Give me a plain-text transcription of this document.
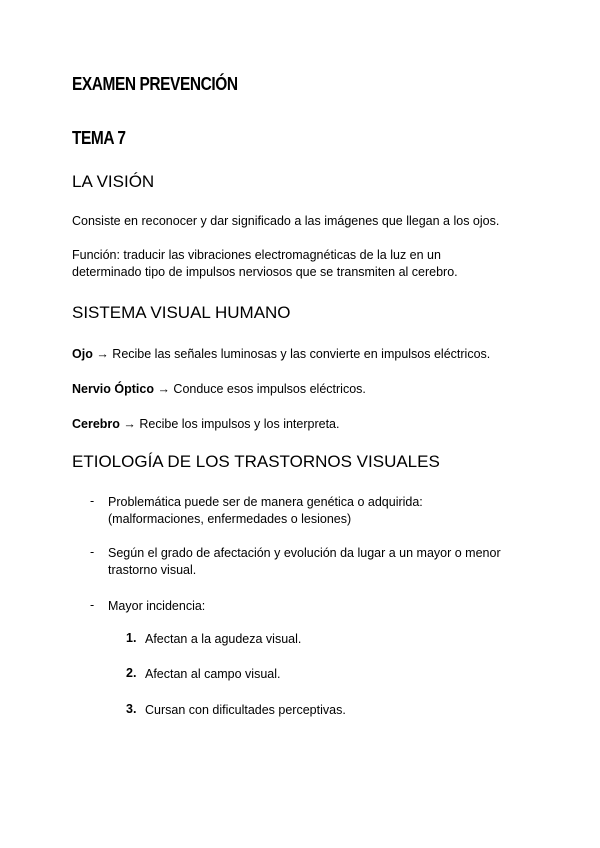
EXAMEN PREVENCIÓN
TEMA 7
LA VISIÓN
Consiste en reconocer y dar significado a las imágenes que llegan a los ojos.
Función: traducir las vibraciones electromagnéticas de la luz en un
determinado tipo de impulsos nerviosos que se transmiten al cerebro.
SISTEMA VISUAL HUMANO
Ojo → Recibe las señales luminosas y las convierte en impulsos eléctricos.
Nervio Óptico → Conduce esos impulsos eléctricos.
Cerebro → Recibe los impulsos y los interpreta.
ETIOLOGÍA DE LOS TRASTORNOS VISUALES
- Problemática puede ser de manera genética o adquirida:
(malformaciones, enfermedades o lesiones)
- Según el grado de afectación y evolución da lugar a un mayor o menor
trastorno visual.
- Mayor incidencia:
1. Afectan a la agudeza visual.
2. Afectan al campo visual.
3. Cursan con dificultades perceptivas.
